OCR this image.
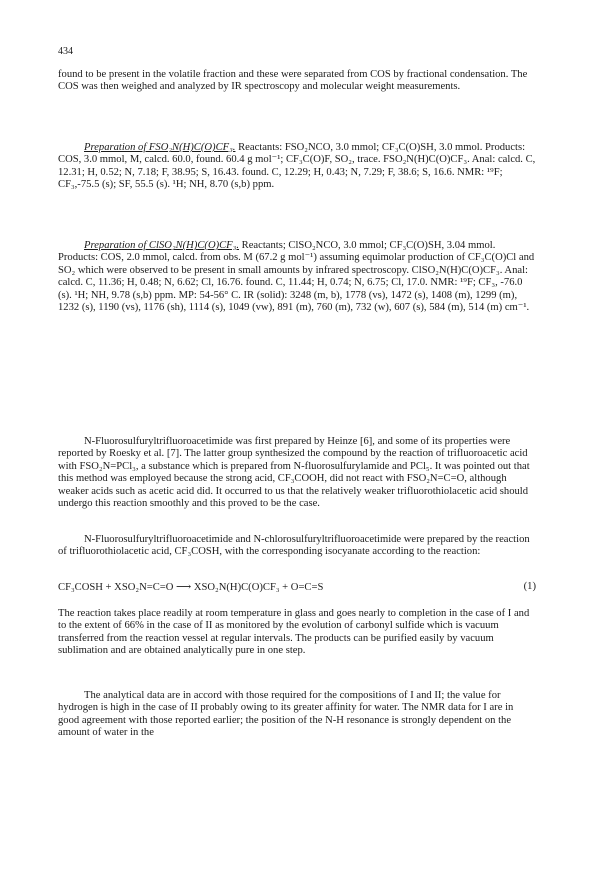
434

found to be present in the volatile fraction and these were separated from COS by fractional condensation. The COS was then weighed and analyzed by IR spectroscopy and molecular weight measurements.

Preparation of FSO₂N(H)C(O)CF₃. Reactants: FSO₂NCO, 3.0 mmol; CF₃C(O)SH, 3.0 mmol. Products: COS, 3.0 mmol, M, calcd. 60.0, found. 60.4 g mol⁻¹; CF₃C(O)F, SO₂, trace. FSO₂N(H)C(O)CF₃. Anal: calcd. C, 12.31; H, 0.52; N, 7.18; F, 38.95; S, 16.43. found. C, 12.29; H, 0.43; N, 7.29; F, 38.6; S, 16.6. NMR: ¹⁹F; CF₃,-75.5 (s); SF, 55.5 (s). ¹H; NH, 8.70 (s,b) ppm.

Preparation of ClSO₂N(H)C(O)CF₃. Reactants; ClSO₂NCO, 3.0 mmol; CF₃C(O)SH, 3.04 mmol. Products: COS, 2.0 mmol, calcd. from obs. M (67.2 g mol⁻¹) assuming equimolar production of CF₃C(O)Cl and SO₂ which were observed to be present in small amounts by infrared spectroscopy. ClSO₂N(H)C(O)CF₃. Anal: calcd. C, 11.36; H, 0.48; N, 6.62; Cl, 16.76. found. C, 11.44; H, 0.74; N, 6.75; Cl, 17.0. NMR: ¹⁹F; CF₃, -76.0 (s). ¹H; NH, 9.78 (s,b) ppm. MP: 54-56° C. IR (solid): 3248 (m, b), 1778 (vs), 1472 (s), 1408 (m), 1299 (m), 1232 (s), 1190 (vs), 1176 (sh), 1114 (s), 1049 (vw), 891 (m), 760 (m), 732 (w), 607 (s), 584 (m), 514 (m) cm⁻¹.

N-Fluorosulfuryltrifluoroacetimide was first prepared by Heinze [6], and some of its properties were reported by Roesky et al. [7]. The latter group synthesized the compound by the reaction of trifluoroacetic acid with FSO₂N=PCl₃, a substance which is prepared from N-fluorosulfurylamide and PCl₅. It was pointed out that this method was employed because the strong acid, CF₃COOH, did not react with FSO₂N=C=O, although weaker acids such as acetic acid did. It occurred to us that the relatively weaker trifluorothiolacetic acid should undergo this reaction smoothly and this proved to be the case.

N-Fluorosulfuryltrifluoroacetimide and N-chlorosulfuryltrifluoroacetimide were prepared by the reaction of trifluorothiolacetic acid, CF₃COSH, with the corresponding isocyanate according to the reaction:

CF₃COSH + XSO₂N=C=O ⟶ XSO₂N(H)C(O)CF₃ + O=C=S	(1)

The reaction takes place readily at room temperature in glass and goes nearly to completion in the case of I and to the extent of 66% in the case of II as monitored by the evolution of carbonyl sulfide which is vacuum transferred from the reaction vessel at regular intervals. The products can be purified easily by vacuum sublimation and are obtained analytically pure in one step.

The analytical data are in accord with those required for the compositions of I and II; the value for hydrogen is high in the case of II probably owing to its greater affinity for water. The NMR data for I are in good agreement with those reported earlier; the position of the N-H resonance is strongly dependent on the amount of water in the
